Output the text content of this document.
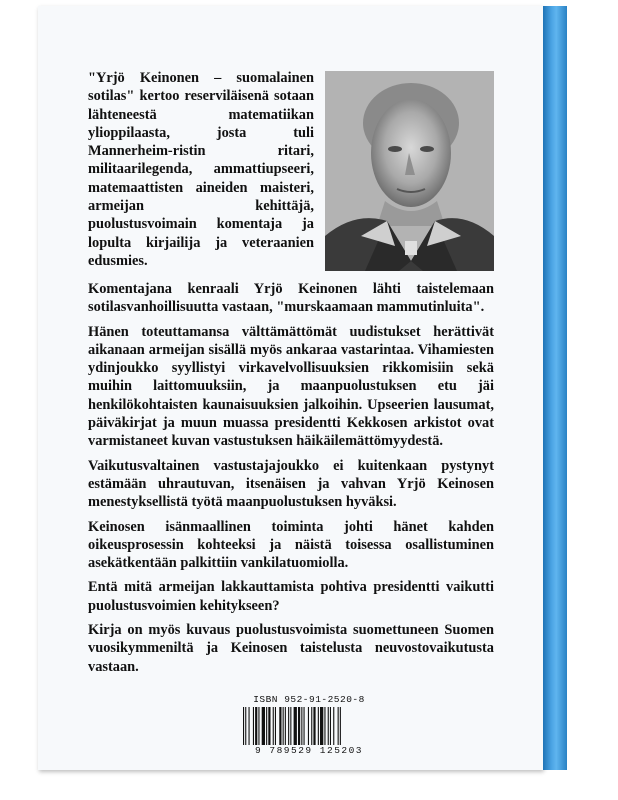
"Yrjö Keinonen – suomalainen sotilas" kertoo reserviläisenä sotaan lähteneestä matematiikan ylioppilaasta, josta tuli Mannerheim-ristin ritari, militaarilegenda, ammattiupseeri, matemaattisten aineiden maisteri, armeijan kehittäjä, puolustusvoimain komentaja ja lopulta kirjailija ja veteraanien edusmies.

Komentajana kenraali Yrjö Keinonen lähti taistelemaan sotilasvanhoillisuutta vastaan, "murskaamaan mammutinluita".

Hänen toteuttamansa välttämättömät uudistukset herättivät aikanaan armeijan sisällä myös ankaraa vastarintaa. Vihamiesten ydinjoukko syyllistyi virkavelvollisuuksien rikkomisiin sekä muihin laittomuuksiin, ja maanpuolustuksen etu jäi henkilökohtaisten kaunaisuuksien jalkoihin. Upseerien lausumat, päiväkirjat ja muun muassa presidentti Kekkosen arkistot ovat varmistaneet kuvan vastustuksen häikäilemättömyydestä.

Vaikutusvaltainen vastustajajoukko ei kuitenkaan pystynyt estämään uhrautuvan, itsenäisen ja vahvan Yrjö Keinosen menestyksellistä työtä maanpuolustuksen hyväksi.

Keinosen isänmaallinen toiminta johti hänet kahden oikeusprosessin kohteeksi ja näistä toisessa osallistuminen asekätkentään palkittiin vankilatuomiolla.

Entä mitä armeijan lakkauttamista pohtiva presidentti vaikutti puolustusvoimien kehitykseen?

Kirja on myös kuvaus puolustusvoimista suomettuneen Suomen vuosikymmeniltä ja Keinosen taistelusta neuvostovaikutusta vastaan.

ISBN 952-91-2520-8
9 789529 125203
